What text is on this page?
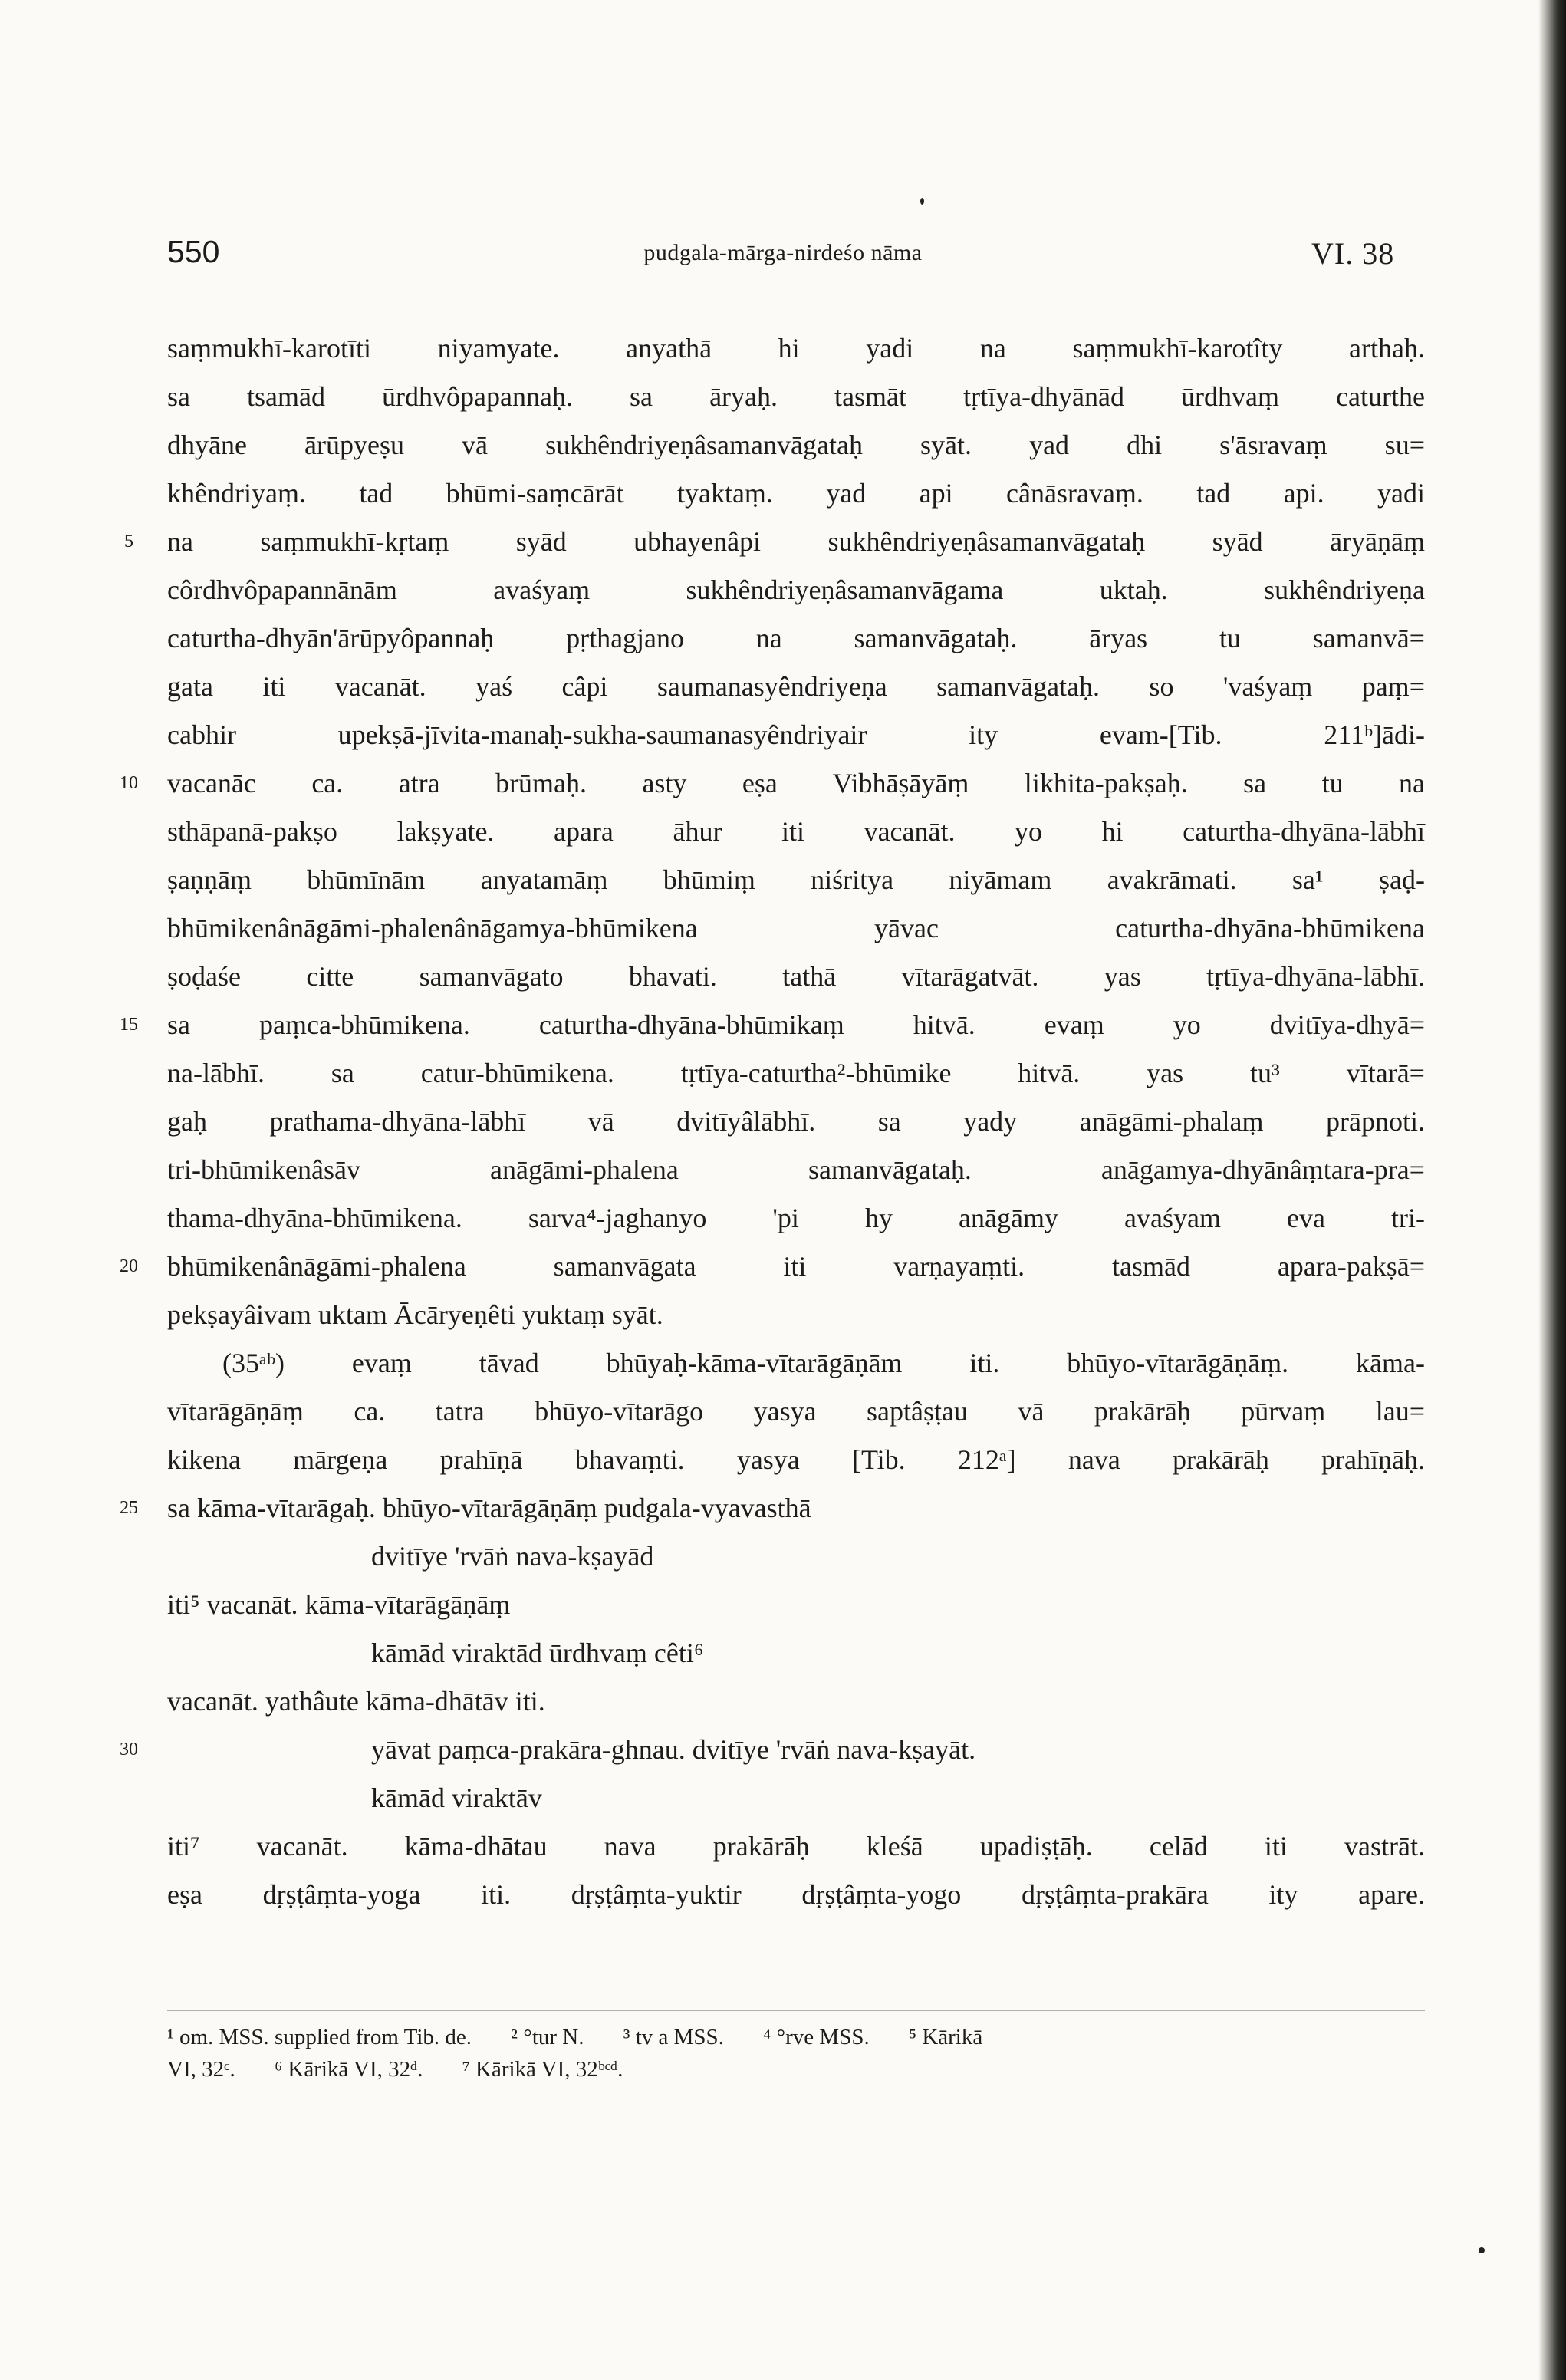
550	pudgala-mārga-nirdeśo nāma	VI. 38
saṃmukhī-karotīti niyamyate. anyathā hi yadi na saṃmukhī-karotîty arthaḥ.
sa tsamād ūrdhvôpapannaḥ. sa āryaḥ. tasmāt tṛtīya-dhyānād ūrdhvaṃ caturthe
dhyāne ārūpyeṣu vā sukhêndriyeṇâsamanvāgataḥ syāt. yad dhi s'āsravaṃ su=
khêndriyaṃ. tad bhūmi-saṃcārāt tyaktaṃ. yad api cânāsravaṃ. tad api. yadi
5	na saṃmukhī-kṛtaṃ syād ubhayenâpi sukhêndriyeṇâsamanvāgataḥ syād āryāṇāṃ
côrdhvôpapannānām avaśyaṃ sukhêndriyeṇâsamanvāgama uktaḥ. sukhêndriyeṇa
caturtha-dhyān'ārūpyôpannaḥ pṛthagjano na samanvāgataḥ. āryas tu samanvā=
gata iti vacanāt. yaś câpi saumanasyêndriyeṇa samanvāgataḥ. so 'vaśyaṃ paṃ=
cabhir upekṣā-jīvita-manaḥ-sukha-saumanasyêndriyair ity evam-[Tib. 211ᵇ]ādi-
10 vacanāc ca. atra brūmaḥ. asty eṣa Vibhāṣāyāṃ likhita-pakṣaḥ. sa tu na
sthāpanā-pakṣo lakṣyate. apara āhur iti vacanāt. yo hi caturtha-dhyāna-lābhī
ṣaṇṇāṃ bhūmīnām anyatamāṃ bhūmiṃ niśritya niyāmam avakrāmati. sa¹ ṣaḍ-
bhūmikenânāgāmi-phalenânāgamya-bhūmikena yāvac caturtha-dhyāna-bhūmikena
ṣoḍaśe citte samanvāgato bhavati. tathā vītarāgatvāt. yas tṛtīya-dhyāna-lābhī.
15 sa paṃca-bhūmikena. caturtha-dhyāna-bhūmikaṃ hitvā. evaṃ yo dvitīya-dhyā=
na-lābhī. sa catur-bhūmikena. tṛtīya-caturtha²-bhūmike hitvā. yas tu³ vītarā=
gaḥ prathama-dhyāna-lābhī vā dvitīyâlābhī. sa yady anāgāmi-phalaṃ prāpnoti.
tri-bhūmikenâsāv anāgāmi-phalena samanvāgataḥ. anāgamya-dhyānâṃtara-pra=
thama-dhyāna-bhūmikena. sarva⁴-jaghanyo 'pi hy anāgāmy avaśyam eva tri-
20 bhūmikenânāgāmi-phalena samanvāgata iti varṇayaṃti. tasmād apara-pakṣā=
pekṣayâivam uktam Ācāryeṇêti yuktaṃ syāt.
(35ᵃᵇ) evaṃ tāvad bhūyaḥ-kāma-vītarāgāṇām iti. bhūyo-vītarāgāṇāṃ. kāma-
vītarāgāṇāṃ ca. tatra bhūyo-vītarāgo yasya saptâṣṭau vā prakārāḥ pūrvaṃ lau=
kikena mārgeṇa prahīṇā bhavaṃti. yasya [Tib. 212ᵃ] nava prakārāḥ prahīṇāḥ.
25 sa kāma-vītarāgaḥ. bhūyo-vītarāgāṇāṃ pudgala-vyavasthā
dvitīye 'rvāṅ nava-kṣayād
iti⁵ vacanāt. kāma-vītarāgāṇāṃ
kāmād viraktād ūrdhvaṃ cêti⁶
vacanāt. yathâute kāma-dhātāv iti.
30	yāvat paṃca-prakāra-ghnau. dvitīye 'rvāṅ nava-kṣayāt.
kāmād viraktāv
iti⁷ vacanāt. kāma-dhātau nava prakārāḥ kleśā upadiṣṭāḥ. celād iti vastrāt.
eṣa dṛṣṭâṃta-yoga iti. dṛṣṭâṃta-yuktir dṛṣṭâṃta-yogo dṛṣṭâṃta-prakāra ity apare.
¹ om. MSS. supplied from Tib. de. ² °tur N. ³ tv a MSS. ⁴ °rve MSS. ⁵ Kārikā
VI, 32ᶜ. ⁶ Kārikā VI, 32ᵈ. ⁷ Kārikā VI, 32ᵇᶜᵈ.
